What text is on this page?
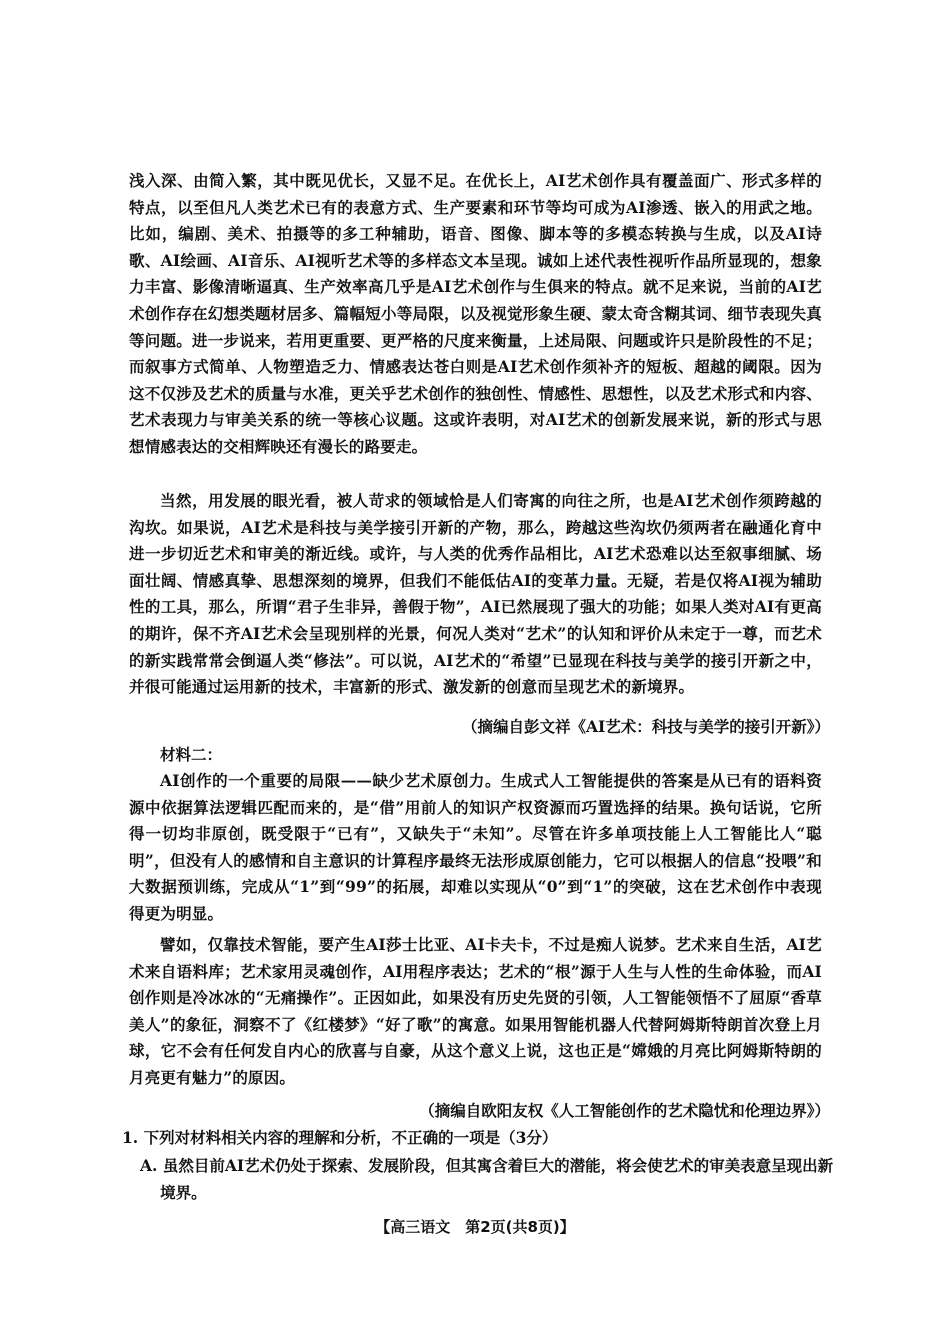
浅入深、由简入繁，其中既见优长，又显不足。在优长上，AI艺术创作具有覆盖面广、形式多样的特点，以至但凡人类艺术已有的表意方式、生产要素和环节等均可成为AI渗透、嵌入的用武之地。比如，编剧、美术、拍摄等的多工种辅助，语音、图像、脚本等的多模态转换与生成，以及AI诗歌、AI绘画、AI音乐、AI视听艺术等的多样态文本呈现。诚如上述代表性视听作品所显现的，想象力丰富、影像清晰逼真、生产效率高几乎是AI艺术创作与生俱来的特点。就不足来说，当前的AI艺术创作存在幻想类题材居多、篇幅短小等局限，以及视觉形象生硬、蒙太奇含糊其词、细节表现失真等问题。进一步说来，若用更重要、更严格的尺度来衡量，上述局限、问题或许只是阶段性的不足；而叙事方式简单、人物塑造乏力、情感表达苍白则是AI艺术创作须补齐的短板、超越的阈限。因为这不仅涉及艺术的质量与水准，更关乎艺术创作的独创性、情感性、思想性，以及艺术形式和内容、艺术表现力与审美关系的统一等核心议题。这或许表明，对AI艺术的创新发展来说，新的形式与思想情感表达的交相辉映还有漫长的路要走。

当然，用发展的眼光看，被人苛求的领域恰是人们寄寓的向往之所，也是AI艺术创作须跨越的沟坎。如果说，AI艺术是科技与美学接引开新的产物，那么，跨越这些沟坎仍须两者在融通化育中进一步切近艺术和审美的渐近线。或许，与人类的优秀作品相比，AI艺术恐难以达至叙事细腻、场面壮阔、情感真挚、思想深刻的境界，但我们不能低估AI的变革力量。无疑，若是仅将AI视为辅助性的工具，那么，所谓“君子生非异，善假于物”，AI已然展现了强大的功能；如果人类对AI有更高的期许，保不齐AI艺术会呈现别样的光景，何况人类对“艺术”的认知和评价从未定于一尊，而艺术的新实践常常会倒逼人类“修法”。可以说，AI艺术的“希望”已显现在科技与美学的接引开新之中，并很可能通过运用新的技术，丰富新的形式、激发新的创意而呈现艺术的新境界。

（摘编自彭文祥《AI艺术：科技与美学的接引开新》）

材料二：

AI创作的一个重要的局限——缺少艺术原创力。生成式人工智能提供的答案是从已有的语料资源中依据算法逻辑匹配而来的，是“借”用前人的知识产权资源而巧置选择的结果。换句话说，它所得一切均非原创，既受限于“已有”，又缺失于“未知”。尽管在许多单项技能上人工智能比人“聪明”，但没有人的感情和自主意识的计算程序最终无法形成原创能力，它可以根据人的信息“投喂”和大数据预训练，完成从“1”到“99”的拓展，却难以实现从“0”到“1”的突破，这在艺术创作中表现得更为明显。

譬如，仅靠技术智能，要产生AI莎士比亚、AI卡夫卡，不过是痴人说梦。艺术来自生活，AI艺术来自语料库；艺术家用灵魂创作，AI用程序表达；艺术的“根”源于人生与人性的生命体验，而AI创作则是冷冰冰的“无痛操作”。正因如此，如果没有历史先贤的引领，人工智能领悟不了屈原“香草美人”的象征，洞察不了《红楼梦》“好了歌”的寓意。如果用智能机器人代替阿姆斯特朗首次登上月球，它不会有任何发自内心的欣喜与自豪，从这个意义上说，这也正是“嫦娥的月亮比阿姆斯特朗的月亮更有魅力”的原因。

（摘编自欧阳友权《人工智能创作的艺术隐忧和伦理边界》）

1. 下列对材料相关内容的理解和分析，不正确的一项是（3分）

A. 虽然目前AI艺术仍处于探索、发展阶段，但其寓含着巨大的潜能，将会使艺术的审美表意呈现出新境界。

【高三语文　第2页(共8页)】
